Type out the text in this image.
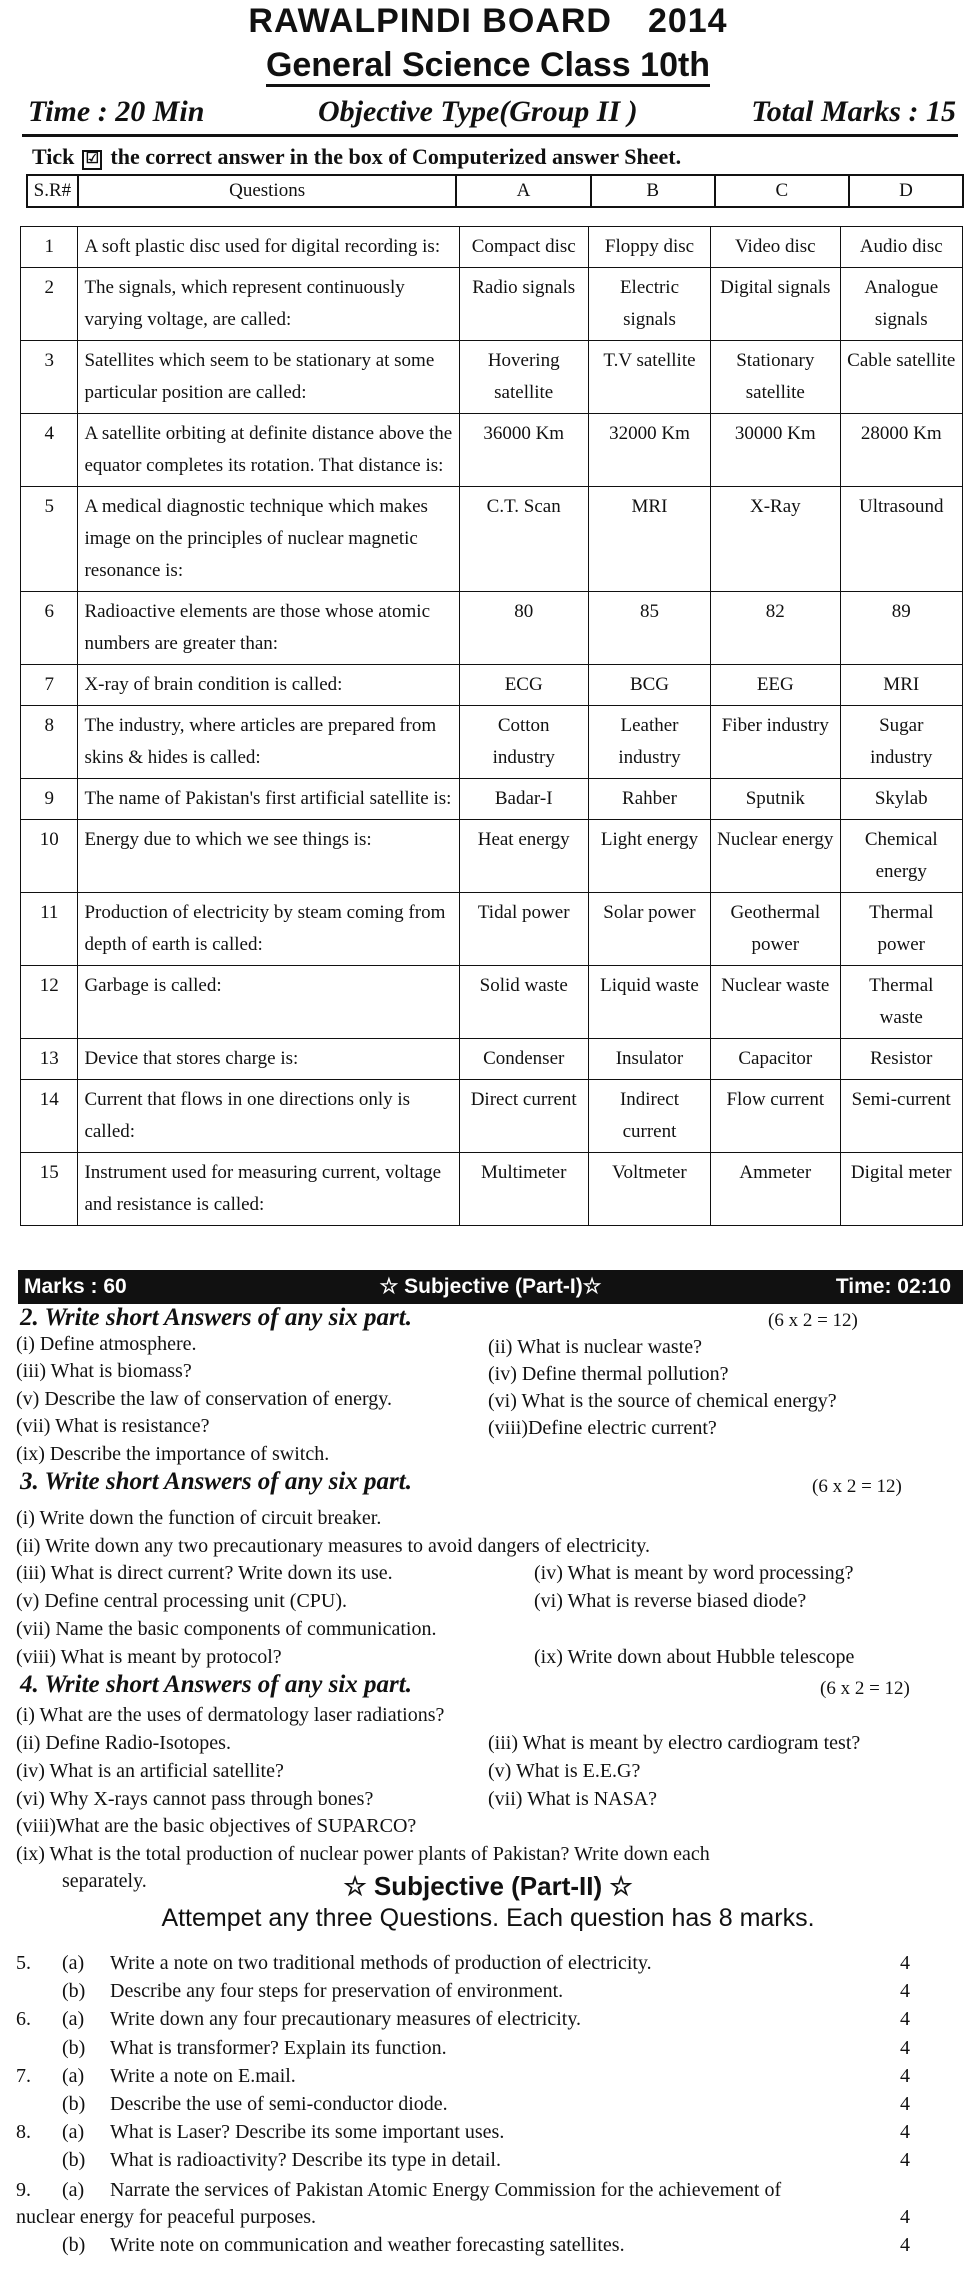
RAWALPINDI BOARD 2014
General Science Class 10th
Time : 20 Min	Objective Type(Group II )	Total Marks : 15
Tick ☑ the correct answer in the box of Computerized answer Sheet.
S.R#	Questions	A	B	C	D
1	A soft plastic disc used for digital recording is:	Compact disc	Floppy disc	Video disc	Audio disc
2	The signals, which represent continuously varying voltage, are called:	Radio signals	Electric signals	Digital signals	Analogue signals
3	Satellites which seem to be stationary at some particular position are called:	Hovering satellite	T.V satellite	Stationary satellite	Cable satellite
4	A satellite orbiting at definite distance above the equator completes its rotation. That distance is:	36000 Km	32000 Km	30000 Km	28000 Km
5	A medical diagnostic technique which makes image on the principles of nuclear magnetic resonance is:	C.T. Scan	MRI	X-Ray	Ultrasound
6	Radioactive elements are those whose atomic numbers are greater than:	80	85	82	89
7	X-ray of brain condition is called:	ECG	BCG	EEG	MRI
8	The industry, where articles are prepared from skins & hides is called:	Cotton industry	Leather industry	Fiber industry	Sugar industry
9	The name of Pakistan's first artificial satellite is:	Badar-I	Rahber	Sputnik	Skylab
10	Energy due to which we see things is:	Heat energy	Light energy	Nuclear energy	Chemical energy
11	Production of electricity by steam coming from depth of earth is called:	Tidal power	Solar power	Geothermal power	Thermal power
12	Garbage is called:	Solid waste	Liquid waste	Nuclear waste	Thermal waste
13	Device that stores charge is:	Condenser	Insulator	Capacitor	Resistor
14	Current that flows in one directions only is called:	Direct current	Indirect current	Flow current	Semi-current
15	Instrument used for measuring current, voltage and resistance is called:	Multimeter	Voltmeter	Ammeter	Digital meter
☆ Subjective (Part-I)☆
Marks : 60	Time: 02:10
2. Write short Answers of any six part.	(6 x 2 = 12)
(i) Define atmosphere.	(ii) What is nuclear waste?
(iii) What is biomass?	(iv) Define thermal pollution?
(v) Describe the law of conservation of energy.	(vi) What is the source of chemical energy?
(vii) What is resistance?	(viii)Define electric current?
(ix) Describe the importance of switch.
3. Write short Answers of any six part.	(6 x 2 = 12)
(i) Write down the function of circuit breaker.
(ii) Write down any two precautionary measures to avoid dangers of electricity.
(iii) What is direct current? Write down its use.	(iv) What is meant by word processing?
(v) Define central processing unit (CPU).	(vi) What is reverse biased diode?
(vii) Name the basic components of communication.
(viii) What is meant by protocol?	(ix) Write down about Hubble telescope
4. Write short Answers of any six part.	(6 x 2 = 12)
(i) What are the uses of dermatology laser radiations?
(ii) Define Radio-Isotopes.	(iii) What is meant by electro cardiogram test?
(iv) What is an artificial satellite?	(v) What is E.E.G?
(vi) Why X-rays cannot pass through bones?	(vii) What is NASA?
(viii)What are the basic objectives of SUPARCO?
(ix) What is the total production of nuclear power plants of Pakistan? Write down each
separately.	☆ Subjective (Part-II) ☆
Attempet any three Questions. Each question has 8 marks.
5. (a) Write a note on two traditional methods of production of electricity.	4
(b) Describe any four steps for preservation of environment.	4
6. (a) Write down any four precautionary measures of electricity.	4
(b) What is transformer? Explain its function.	4
7. (a) Write a note on E.mail.	4
(b) Describe the use of semi-conductor diode.	4
8. (a) What is Laser? Describe its some important uses.	4
(b) What is radioactivity? Describe its type in detail.	4
9. (a) Narrate the services of Pakistan Atomic Energy Commission for the achievement of
nuclear energy for peaceful purposes.	4
(b) Write note on communication and weather forecasting satellites.	4
